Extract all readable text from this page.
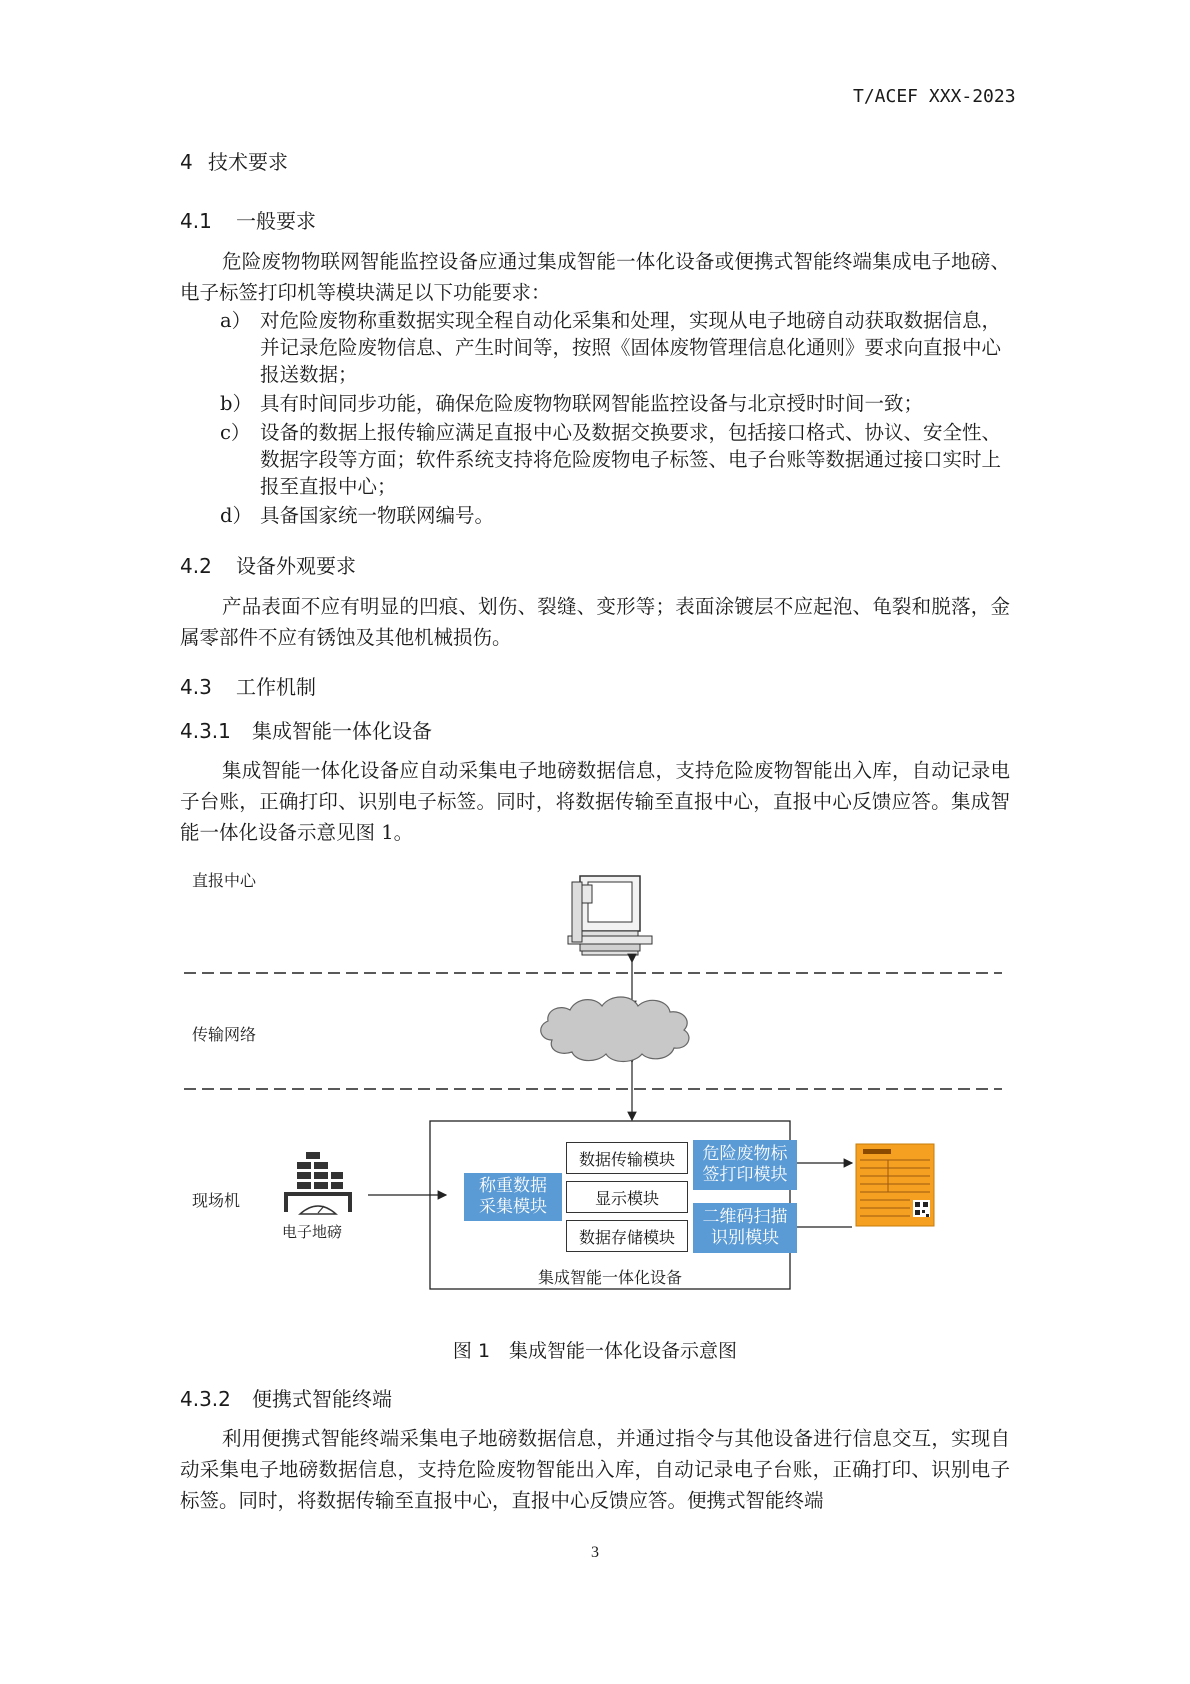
T/ACEF XXX-2023
4 技术要求
4.1 一般要求
危险废物物联网智能监控设备应通过集成智能一体化设备或便携式智能终端集成电子地磅、电子标签打印机等模块满足以下功能要求：
a） 对危险废物称重数据实现全程自动化采集和处理，实现从电子地磅自动获取数据信息，并记录危险废物信息、产生时间等，按照《固体废物管理信息化通则》要求向直报中心报送数据；
b） 具有时间同步功能，确保危险废物物联网智能监控设备与北京授时时间一致；
c） 设备的数据上报传输应满足直报中心及数据交换要求，包括接口格式、协议、安全性、数据字段等方面；软件系统支持将危险废物电子标签、电子台账等数据通过接口实时上报至直报中心；
d） 具备国家统一物联网编号。
4.2 设备外观要求
产品表面不应有明显的凹痕、划伤、裂缝、变形等；表面涂镀层不应起泡、龟裂和脱落，金属零部件不应有锈蚀及其他机械损伤。
4.3 工作机制
4.3.1 集成智能一体化设备
集成智能一体化设备应自动采集电子地磅数据信息，支持危险废物智能出入库，自动记录电子台账，正确打印、识别电子标签。同时，将数据传输至直报中心，直报中心反馈应答。集成智能一体化设备示意见图 1。
直报中心
传输网络
现场机
电子地磅
称重数据采集模块
数据传输模块
显示模块
数据存储模块
危险废物标签打印模块
二维码扫描识别模块
集成智能一体化设备
图 1　集成智能一体化设备示意图
4.3.2 便携式智能终端
利用便携式智能终端采集电子地磅数据信息，并通过指令与其他设备进行信息交互，实现自动采集电子地磅数据信息，支持危险废物智能出入库，自动记录电子台账，正确打印、识别电子标签。同时，将数据传输至直报中心，直报中心反馈应答。便携式智能终端
3
